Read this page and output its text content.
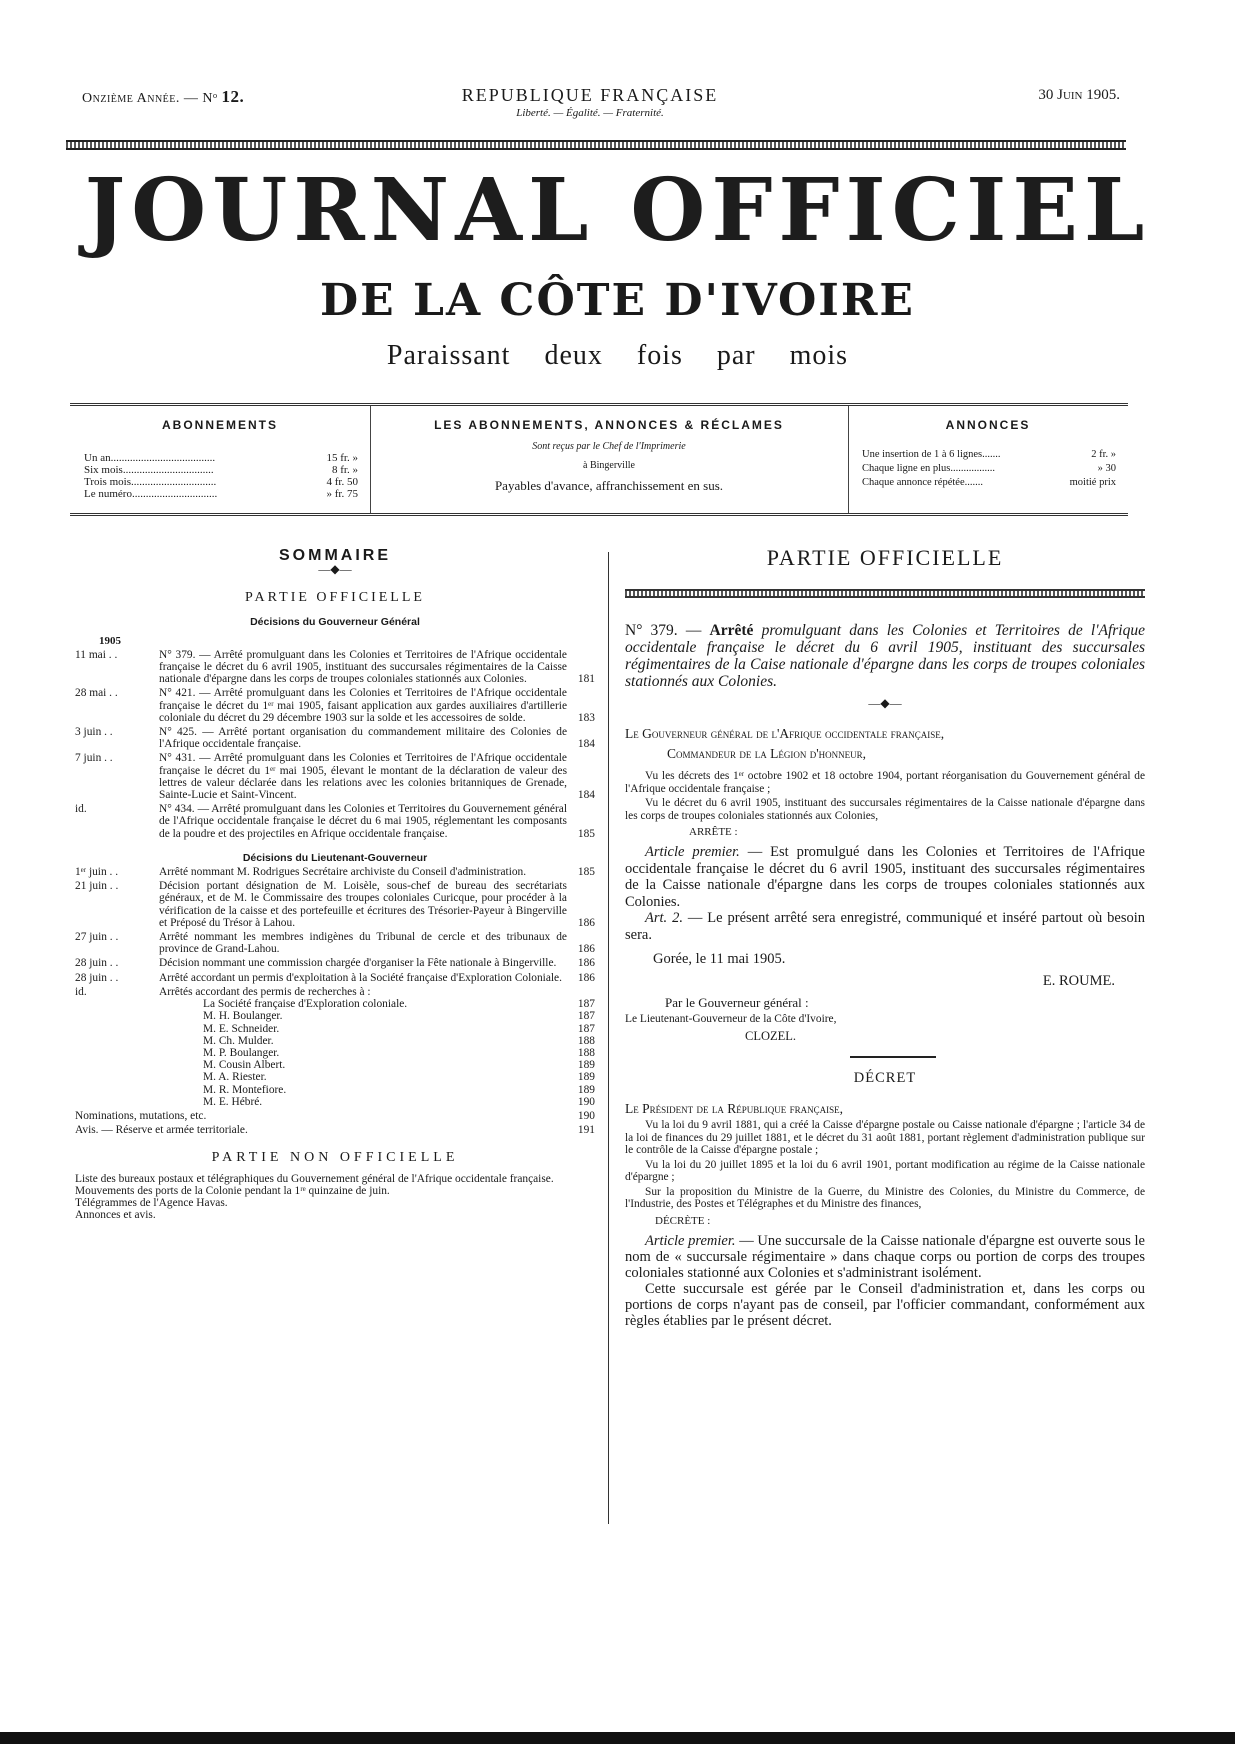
Onzième Année. — Nᵒ 12.	REPUBLIQUE FRANÇAISE
Liberté. — Égalité. — Fraternité.
30 Juin 1905.
JOURNAL OFFICIEL
DE LA CÔTE D'IVOIRE
Paraissant deux fois par mois
ABONNEMENTS
Un an......................................	15 fr. »
Six mois.................................	8 fr. »
Trois mois...............................	4 fr. 50
Le numéro...............................	» fr. 75
LES ABONNEMENTS, ANNONCES & RÉCLAMES
Sont reçus par le Chef de l'Imprimerie
à Bingerville
Payables d'avance, affranchissement en sus.
ANNONCES
Une insertion de 1 à 6 lignes.......	2 fr. »
Chaque ligne en plus.................	» 30
Chaque annonce répétée.......	moitié prix
SOMMAIRE
—◆—
PARTIE OFFICIELLE
Décisions du Gouverneur Général
1905
11 mai . .	N° 379. — Arrêté promulguant dans les Colonies et Territoires de l'Afrique occidentale française le décret du 6 avril 1905, instituant des succursales régimentaires de la Caisse nationale d'épargne dans les corps de troupes coloniales stationnés aux Colonies.	181
28 mai . .	N° 421. — Arrêté promulguant dans les Colonies et Territoires de l'Afrique occidentale française le décret du 1ᵉʳ mai 1905, faisant application aux gardes auxiliaires d'artillerie coloniale du décret du 29 décembre 1903 sur la solde et les accessoires de solde.	183
3 juin . .	N° 425. — Arrêté portant organisation du commandement militaire des Colonies de l'Afrique occidentale française.	184
7 juin . .	N° 431. — Arrêté promulguant dans les Colonies et Territoires de l'Afrique occidentale française le décret du 1ᵉʳ mai 1905, élevant le montant de la déclaration de valeur des lettres de valeur déclarée dans les relations avec les colonies britanniques de Grenade, Sainte-Lucie et Saint-Vincent.	184
id.	N° 434. — Arrêté promulguant dans les Colonies et Territoires du Gouvernement général de l'Afrique occidentale française le décret du 6 mai 1905, réglementant les composants de la poudre et des projectiles en Afrique occidentale française.	185
Décisions du Lieutenant-Gouverneur
1ᵉʳ juin . .	Arrêté nommant M. Rodrigues Secrétaire archiviste du Conseil d'administration.	185
21 juin . .	Décision portant désignation de M. Loisèle, sous-chef de bureau des secrétariats généraux, et de M. le Commissaire des troupes coloniales Curicque, pour procéder à la vérification de la caisse et des portefeuille et écritures des Trésorier-Payeur à Bingerville et Préposé du Trésor à Lahou.	186
27 juin . .	Arrêté nommant les membres indigènes du Tribunal de cercle et des tribunaux de province de Grand-Lahou.	186
28 juin . .	Décision nommant une commission chargée d'organiser la Fête nationale à Bingerville.	186
28 juin . .	Arrêté accordant un permis d'exploitation à la Société française d'Exploration Coloniale.	186
id.	Arrêtés accordant des permis de recherches à :
La Société française d'Exploration coloniale.	187
M. H. Boulanger.	187
M. E. Schneider.	187
M. Ch. Mulder.	188
M. P. Boulanger.	188
M. Cousin Albert.	189
M. A. Riester.	189
M. R. Montefiore.	189
M. E. Hébré.	190
Nominations, mutations, etc.	190
Avis. — Réserve et armée territoriale.	191
PARTIE NON OFFICIELLE
Liste des bureaux postaux et télégraphiques du Gouvernement général de l'Afrique occidentale française.
Mouvements des ports de la Colonie pendant la 1ʳᵉ quinzaine de juin.
Télégrammes de l'Agence Havas.
Annonces et avis.
PARTIE OFFICIELLE
N° 379. — Arrêté promulguant dans les Colonies et Territoires de l'Afrique occidentale française le décret du 6 avril 1905, instituant des succursales régimentaires de la Caise nationale d'épargne dans les corps de troupes coloniales stationnés aux Colonies.
—◆—
Le Gouverneur général de l'Afrique occidentale française,
Commandeur de la Légion d'honneur,
Vu les décrets des 1ᵉʳ octobre 1902 et 18 octobre 1904, portant réorganisation du Gouvernement général de l'Afrique occidentale française ;
Vu le décret du 6 avril 1905, instituant des succursales régimentaires de la Caisse nationale d'épargne dans les corps de troupes coloniales stationnés aux Colonies,
ARRÊTE :
Article premier. — Est promulgué dans les Colonies et Territoires de l'Afrique occidentale française le décret du 6 avril 1905, instituant des succursales régimentaires de la Caisse nationale d'épargne dans les corps de troupes coloniales stationnés aux Colonies.
Art. 2. — Le présent arrêté sera enregistré, communiqué et inséré partout où besoin sera.
Gorée, le 11 mai 1905.
E. ROUME.
Par le Gouverneur général :
Le Lieutenant-Gouverneur de la Côte d'Ivoire,
CLOZEL.
DÉCRET
Le Président de la République française,
Vu la loi du 9 avril 1881, qui a créé la Caisse d'épargne postale ou Caisse nationale d'épargne ; l'article 34 de la loi de finances du 29 juillet 1881, et le décret du 31 août 1881, portant règlement d'administration publique sur le contrôle de la Caisse d'épargne postale ;
Vu la loi du 20 juillet 1895 et la loi du 6 avril 1901, portant modification au régime de la Caisse nationale d'épargne ;
Sur la proposition du Ministre de la Guerre, du Ministre des Colonies, du Ministre du Commerce, de l'Industrie, des Postes et Télégraphes et du Ministre des finances,
DÉCRÈTE :
Article premier. — Une succursale de la Caisse nationale d'épargne est ouverte sous le nom de « succursale régimentaire » dans chaque corps ou portion de corps des troupes coloniales stationné aux Colonies et s'administrant isolément.
Cette succursale est gérée par le Conseil d'administration et, dans les corps ou portions de corps n'ayant pas de conseil, par l'officier commandant, conformément aux règles établies par le présent décret.
